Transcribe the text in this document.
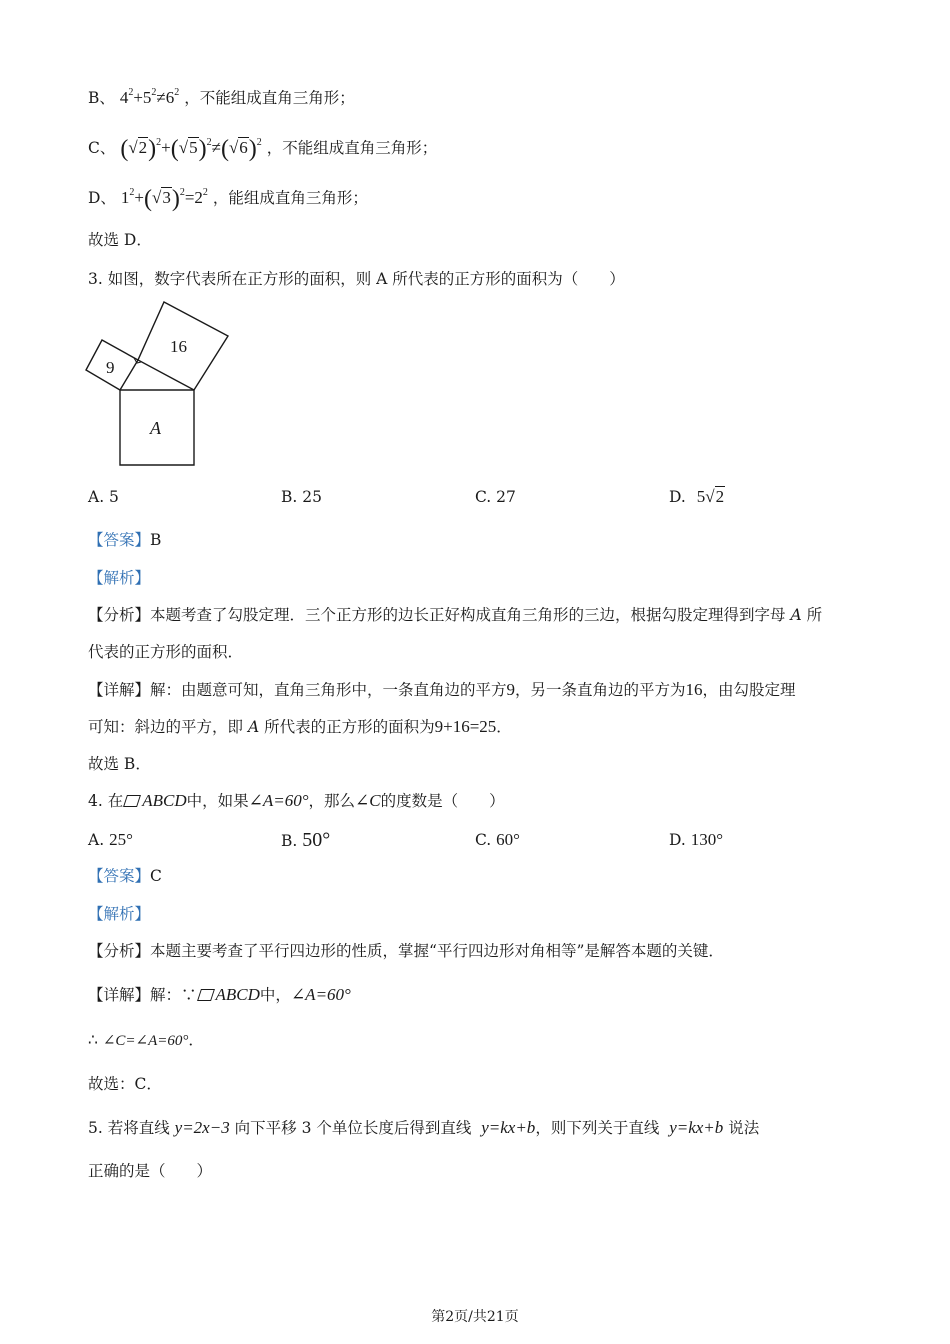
B、 $4^2+5^2\ne 6^2$ ，不能组成直角三角形；
C、 $(√2)^2+(√5)^2\ne(√6)^2$ ，不能组成直角三角形；
D、 $1^2+(√3)^2=2^2$ ，能组成直角三角形；
故选 D．
3. 如图，数字代表所在正方形的面积，则 A 所代表的正方形的面积为（　　）
9
16
A
A. 5	B. 25	C. 27	D. 5√2
【答案】B
【解析】
【分析】本题考查了勾股定理．三个正方形的边长正好构成直角三角形的三边，根据勾股定理得到字母 A 所
代表的正方形的面积．
【详解】解：由题意可知，直角三角形中，一条直角边的平方9，另一条直角边的平方为16，由勾股定理
可知：斜边的平方，即 A 所代表的正方形的面积为9+16=25．
故选 B．
4. 在 ABCD中，如果∠A=60°，那么∠C的度数是（　　）
A. 25°	B. 50°	C. 60°	D. 130°
【答案】C
【解析】
【分析】本题主要考查了平行四边形的性质，掌握“平行四边形对角相等”是解答本题的关键．
【详解】解：∵ ABCD中，∠A=60°
∴ ∠C=∠A=60°．
故选：C．
5. 若将直线 y=2x−3 向下平移 3 个单位长度后得到直线 y=kx+b，则下列关于直线 y=kx+b 说法
正确的是（　　）
第2页/共21页
